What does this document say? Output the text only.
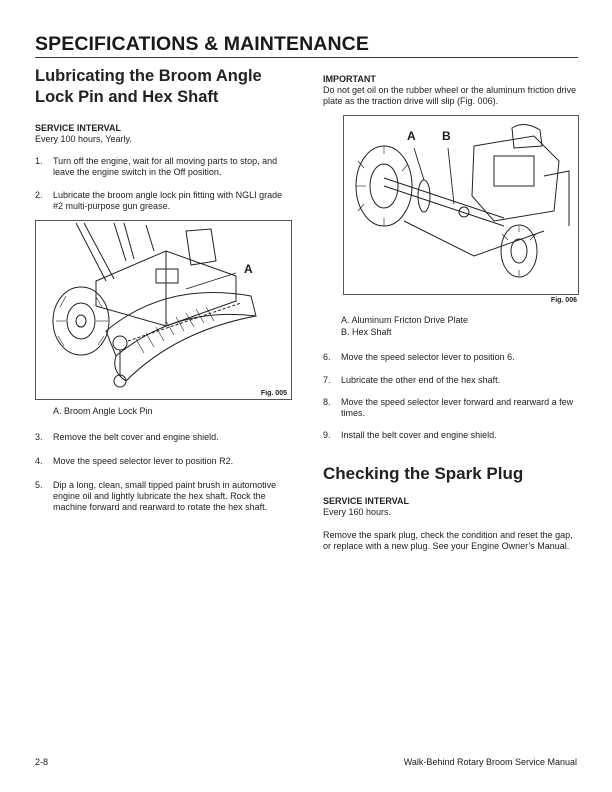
SPECIFICATIONS & MAINTENANCE
Lubricating the Broom Angle Lock Pin and Hex Shaft

SERVICE INTERVAL

Every 100 hours, Yearly.

1. Turn off the engine, wait for all moving parts to stop, and leave the engine switch in the Off position.
2. Lubricate the broom angle lock pin fitting with NGLI grade #2 multi-purpose gun grease.
A
Fig. 005

A. Broom Angle Lock Pin

3. Remove the belt cover and engine shield.
4. Move the speed selector lever to position R2.
5. Dip a long, clean, small tipped paint brush in automotive engine oil and lightly lubricate the hex shaft. Rock the machine forward and rearward to rotate the hex shaft.

IMPORTANT

Do not get oil on the rubber wheel or the aluminum friction drive plate as the traction drive will slip (Fig. 006).

A B
Fig. 006

A. Aluminum Fricton Drive Plate

B. Hex Shaft

6. Move the speed selector lever to position 6.
7. Lubricate the other end of the hex shaft.
8. Move the speed selector lever forward and rearward a few times.
9. Install the belt cover and engine shield.
Checking the Spark Plug

SERVICE INTERVAL

Every 160 hours.

Remove the spark plug, check the condition and reset the gap, or replace with a new plug. See your Engine Owner’s Manual.

2-8	Walk-Behind Rotary Broom Service Manual
